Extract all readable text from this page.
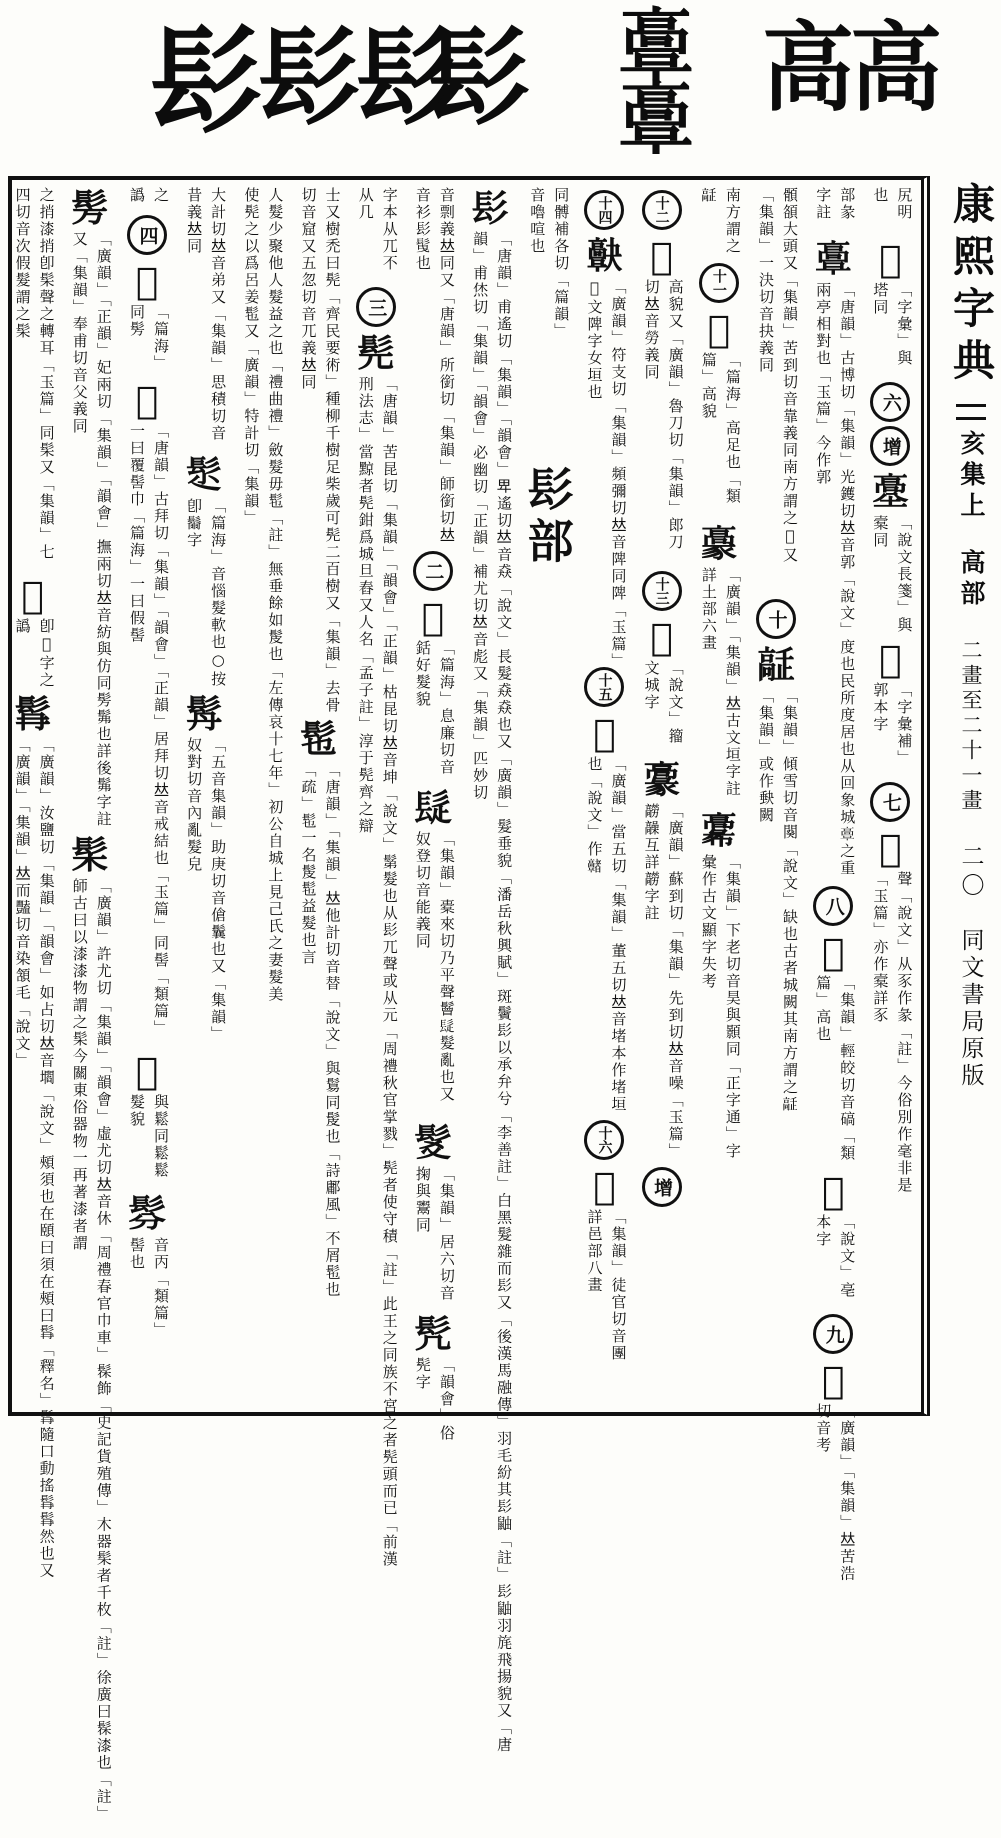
髟 髟髟
髟 𩫏
𩫏 高高
尻明也
𩫈
「字彙」與塔同
六
增
𩫊
「說文長箋」與槖同
𩫋
「字彙補」郭本字
七
𩫌
聲「說文」从豕作彖「註」今俗別作毫非是「玉篇」亦作槖詳豕
部彖字註
𩫏
「唐韻」古博切「集韻」光鑊切𠀤音郭「說文」度也民所度居也从回象城𩫏之重兩亭相對也「玉篇」今作郭
八
𩫐
「集韻」輕皎切音碻「類篇」高也
𩫑
「說文」亳本字
九
𩫒
「廣韻」「集韻」𠀤苦浩切音考
顝頟大頭又「集韻」苦到切音靠義同南方謂之𩫒又「集韻」一決切音抉義同
十
𩫔
「集韻」傾雪切音闋「說文」缺也古者城闕其南方謂之𩫔「集韻」或作𡙇闕
南方謂之𩫔
十一
𩫙
「篇海」高足也「類篇」高貌
𩫕
「廣韻」「集韻」𠀤古文垣字註詳土部六畫
𩫚
「集韻」下老切音昊與顥同「正字通」字彙作古文顯字失考
十二
𩫛
高貌又「廣韻」魯刀切「集韻」郎刀切𠀤音勞義同
十三
𩫝
「說文」籀文城字
𩫞
「廣韻」蘇到切「集韻」先到切𠀤音噪「玉篇」髝髞互詳髝字註
增
十四
𩫠
「廣韻」符支切「集韻」頻彌切𠀤音陴同陴「玉篇」𥲅文陴字女垣也
十五
𩫡
「廣韻」當五切「集韻」董五切𠀤音堵本作堵垣也「說文」作𩫭
十六
𩫢
「集韻」徒官切音團詳邑部八畫
同髆補各切「篇韻」音嚕喧也
髟部
髟
「唐韻」甫遙切「集韻」「韻會」𤰞遙切𠀤音猋「說文」長髮猋猋也又「廣韻」髮垂貌「潘岳秋興賦」斑鬢髟以承弁兮「李善註」白黑髮雜而髟又「後漢馬融傳」羽毛紛其髟鼬「註」髟鼬羽旄飛揚貌又「唐韻」甫烋切「集韻」「韻會」必幽切「正韻」補尤切𠀤音彪又「集韻」匹妙切
音剽義𠀤同又「唐韻」所銜切「集韻」師銜切𠀤音衫髟𩬲也
二
𩬁
「篇海」息廉切音銛好髮貌
𩬂
「集韻」橐來切乃平聲鬙𩬂髮亂也又奴登切音能義同
𩬃
「集韻」居六切音掬與鬻同
髠
「韻會」俗髡字
字本从兀不从几
三
髡
「唐韻」苦昆切「集韻」「韻會」「正韻」枯昆切𠀤音坤「說文」鬀髮也从髟兀聲或从元「周禮秋官掌戮」髡者使守積「註」此王之同族不宮之者髡頭而已「前漢刑法志」當黥者髡鉗爲城旦舂又人名「孟子註」淳于髡齊之辯
士又樹禿曰髡「齊民要術」種柳千樹足柴歲可髡二百樹又「集韻」去骨切音窟又五忽切音兀義𠀤同
髢
「唐韻」「集韻」𠀤他計切音替「說文」與鬄同髲也「詩鄘風」不屑髢也「疏」髢一名髲髢益髮也言
人髮少聚他人髮益之也「禮曲禮」斂髮毋髢「註」無垂餘如髲也「左傳哀十七年」初公自城上見己氏之妻髮美使髡之以爲呂姜髢又「廣韻」特計切「集韻」
大計切𠀤音弟又「集韻」思積切音昔義𠀤同
𩬄
「篇海」音惱髮軟也○按卽𩯨字
𩬅
「五音集韻」助庚切音傖鬤也又「集韻」奴對切音內亂髮皃
之譌
四
𩬆
「篇海」同髣
𩬇
「唐韻」古拜切「集韻」「韻會」「正韻」居拜切𠀤音戒結也「玉篇」同髻「類篇」一曰覆髻巾「篇海」一曰假髻
𩬈
與鬆同鬆鬆髮貌
𩬉
音丙「類篇」髻也
髣
「廣韻」「正韻」妃兩切「集韻」「韻會」撫兩切𠀤音紡與仿同髣髴也詳後髴字註又「集韻」奉甫切音父義同
髤
「廣韻」許尤切「集韻」「韻會」虛尤切𠀤音休「周禮春官巾車」髹飾「史記貨殖傳」木器髤者千枚「註」徐廣曰髹漆也「註」師古曰以漆漆物謂之髤今關東俗器物一再著漆者謂
之捎漆捎卽髤聲之轉耳「玉篇」同髤又「集韻」七四切音次假髮謂之髤
𩬊
卽𩬇字之譌
髥
「廣韻」汝鹽切「集韻」「韻會」如占切𠀤音壛「說文」頰須也在頤曰須在頰曰髥「釋名」髥隨口動搖髥髥然也又「廣韻」「集韻」𠀤而豔切音染頷毛「說文」
康熙字典
亥集上
高部
二畫至二十一畫
二〇
同文書局原版
